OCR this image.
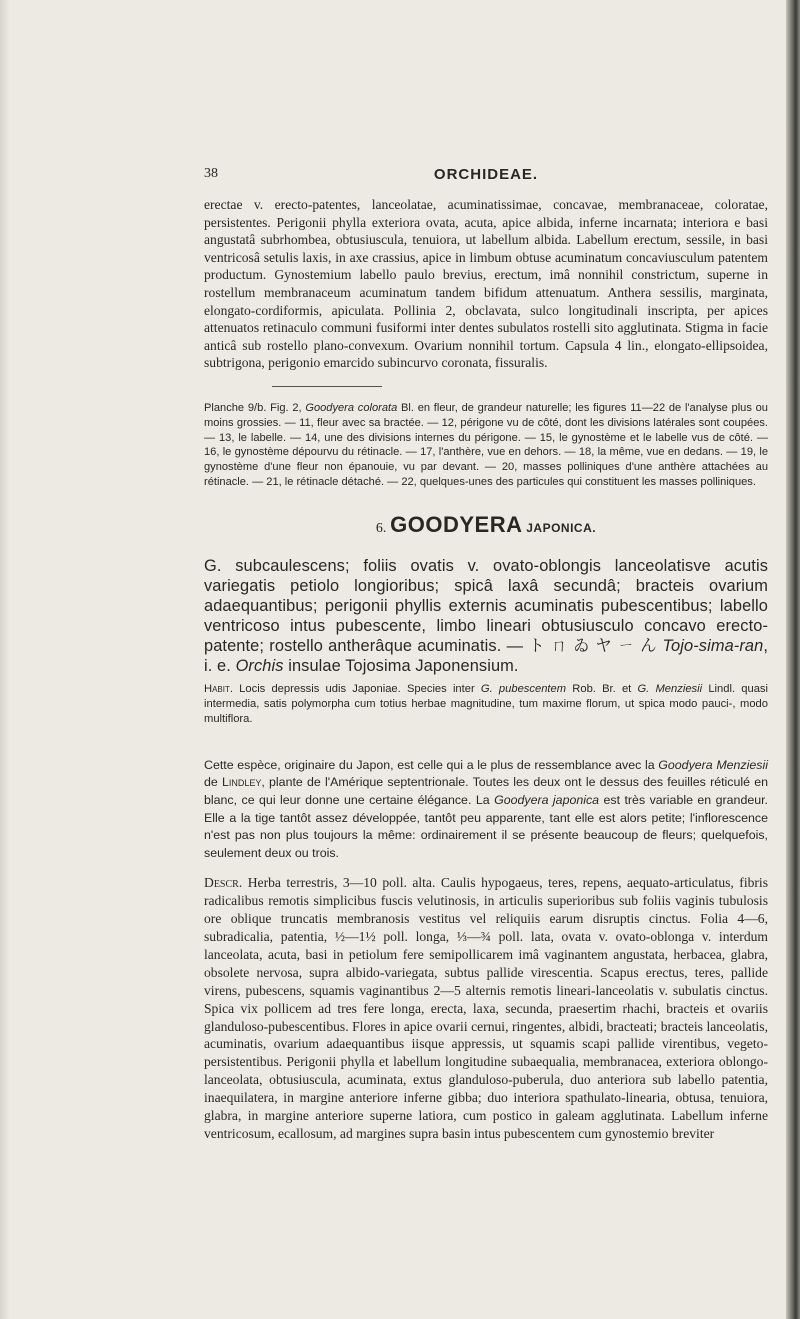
38	ORCHIDEAE.

erectae v. erecto-patentes, lanceolatae, acuminatissimae, concavae, membranaceae, coloratae, persistentes. Perigonii phylla exteriora ovata, acuta, apice albida, inferne incarnata; interiora e basi angustatâ subrhombea, obtusiuscula, tenuiora, ut labellum albida. Labellum erectum, sessile, in basi ventricosâ setulis laxis, in axe crassius, apice in limbum obtuse acuminatum concaviusculum patentem productum. Gynostemium labello paulo brevius, erectum, imâ nonnihil constrictum, superne in rostellum membranaceum acuminatum tandem bifidum attenuatum. Anthera sessilis, marginata, elongato-cordiformis, apiculata. Pollinia 2, obclavata, sulco longitudinali inscripta, per apices attenuatos retinaculo communi fusiformi inter dentes subulatos rostelli sito agglutinata. Stigma in facie anticâ sub rostello plano-convexum. Ovarium nonnihil tortum. Capsula 4 lin., elongato-ellipsoidea, subtrigona, perigonio emarcido subincurvo coronata, fissuralis.

Planche 9/b. Fig. 2, Goodyera colorata Bl. en fleur, de grandeur naturelle; les figures 11—22 de l'analyse plus ou moins grossies. — 11, fleur avec sa bractée. — 12, périgone vu de côté, dont les divisions latérales sont coupées. — 13, le labelle. — 14, une des divisions internes du périgone. — 15, le gynostème et le labelle vus de côté. — 16, le gynostème dépourvu du rétinacle. — 17, l'anthère, vue en dehors. — 18, la même, vue en dedans. — 19, le gynostème d'une fleur non épanouie, vu par devant. — 20, masses polliniques d'une anthère attachées au rétinacle. — 21, le rétinacle détaché. — 22, quelques-unes des particules qui constituent les masses polliniques.

6. GOODYERA JAPONICA.

G. subcaulescens; foliis ovatis v. ovato-oblongis lanceolatisve acutis variegatis petiolo longioribus; spicâ laxâ secundâ; bracteis ovarium adaequantibus; perigonii phyllis externis acuminatis pubescentibus; labello ventricoso intus pubescente, limbo lineari obtusiusculo concavo erecto-patente; rostello antherâque acuminatis. — ト ㄇ ゐ ヤ ㄧ ん Tojo-sima-ran, i. e. Orchis insulae Tojosima Japonensium.

Habit. Locis depressis udis Japoniae. Species inter G. pubescentem Rob. Br. et G. Menziesii Lindl. quasi intermedia, satis polymorpha cum totius herbae magnitudine, tum maxime florum, ut spica modo pauci-, modo multiflora.

Cette espèce, originaire du Japon, est celle qui a le plus de ressemblance avec la Goodyera Menziesii de Lindley, plante de l'Amérique septentrionale. Toutes les deux ont le dessus des feuilles réticulé en blanc, ce qui leur donne une certaine élégance. La Goodyera japonica est très variable en grandeur. Elle a la tige tantôt assez développée, tantôt peu apparente, tant elle est alors petite; l'inflorescence n'est pas non plus toujours la même: ordinairement il se présente beaucoup de fleurs; quelquefois, seulement deux ou trois.

Descr. Herba terrestris, 3—10 poll. alta. Caulis hypogaeus, teres, repens, aequato-articulatus, fibris radicalibus remotis simplicibus fuscis velutinosis, in articulis superioribus sub foliis vaginis tubulosis ore oblique truncatis membranosis vestitus vel reliquiis earum disruptis cinctus. Folia 4—6, subradicalia, patentia, ½—1½ poll. longa, ⅓—¾ poll. lata, ovata v. ovato-oblonga v. interdum lanceolata, acuta, basi in petiolum fere semipollicarem imâ vaginantem angustata, herbacea, glabra, obsolete nervosa, supra albido-variegata, subtus pallide virescentia. Scapus erectus, teres, pallide virens, pubescens, squamis vaginantibus 2—5 alternis remotis lineari-lanceolatis v. subulatis cinctus. Spica vix pollicem ad tres fere longa, erecta, laxa, secunda, praesertim rhachi, bracteis et ovariis glanduloso-pubescentibus. Flores in apice ovarii cernui, ringentes, albidi, bracteati; bracteis lanceolatis, acuminatis, ovarium adaequantibus iisque appressis, ut squamis scapi pallide virentibus, vegeto-persistentibus. Perigonii phylla et labellum longitudine subaequalia, membranacea, exteriora oblongo-lanceolata, obtusiuscula, acuminata, extus glanduloso-puberula, duo anteriora sub labello patentia, inaequilatera, in margine anteriore inferne gibba; duo interiora spathulato-linearia, obtusa, tenuiora, glabra, in margine anteriore superne latiora, cum postico in galeam agglutinata. Labellum inferne ventricosum, ecallosum, ad margines supra basin intus pubescentem cum gynostemio breviter
